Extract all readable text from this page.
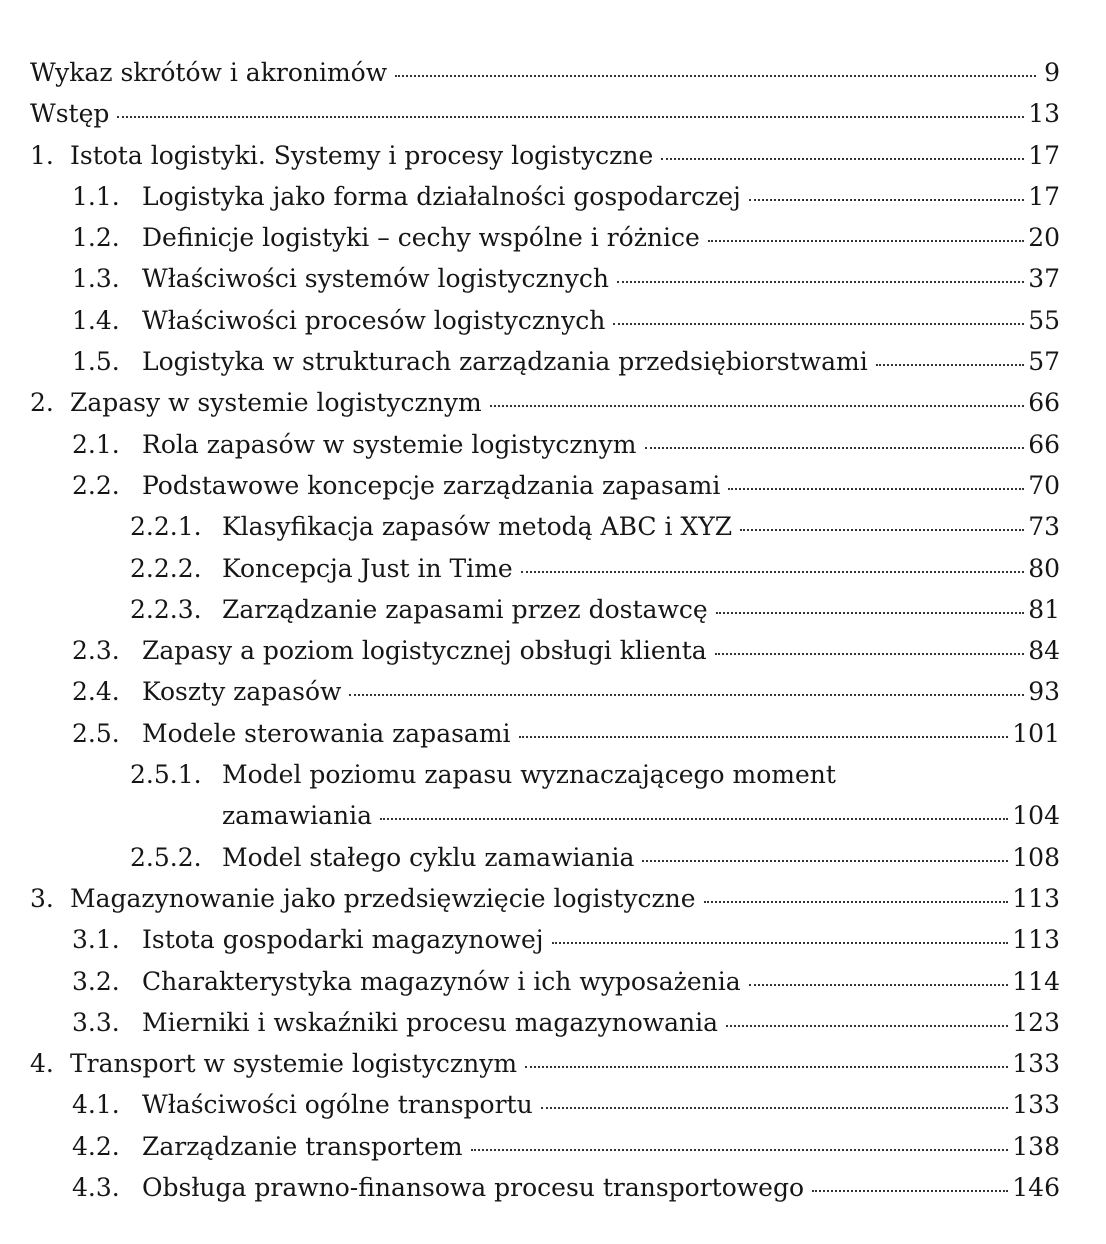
Wykaz skrótów i akronimów	9
Wstęp	13
1. Istota logistyki. Systemy i procesy logistyczne	17
1.1. Logistyka jako forma działalności gospodarczej	17
1.2. Definicje logistyki – cechy wspólne i różnice	20
1.3. Właściwości systemów logistycznych	37
1.4. Właściwości procesów logistycznych	55
1.5. Logistyka w strukturach zarządzania przedsiębiorstwami	57
2. Zapasy w systemie logistycznym	66
2.1. Rola zapasów w systemie logistycznym	66
2.2. Podstawowe koncepcje zarządzania zapasami	70
2.2.1. Klasyfikacja zapasów metodą ABC i XYZ	73
2.2.2. Koncepcja Just in Time	80
2.2.3. Zarządzanie zapasami przez dostawcę	81
2.3. Zapasy a poziom logistycznej obsługi klienta	84
2.4. Koszty zapasów	93
2.5. Modele sterowania zapasami	101
2.5.1. Model poziomu zapasu wyznaczającego moment
zamawiania	104
2.5.2. Model stałego cyklu zamawiania	108
3. Magazynowanie jako przedsięwzięcie logistyczne	113
3.1. Istota gospodarki magazynowej	113
3.2. Charakterystyka magazynów i ich wyposażenia	114
3.3. Mierniki i wskaźniki procesu magazynowania	123
4. Transport w systemie logistycznym	133
4.1. Właściwości ogólne transportu	133
4.2. Zarządzanie transportem	138
4.3. Obsługa prawno-finansowa procesu transportowego	146
